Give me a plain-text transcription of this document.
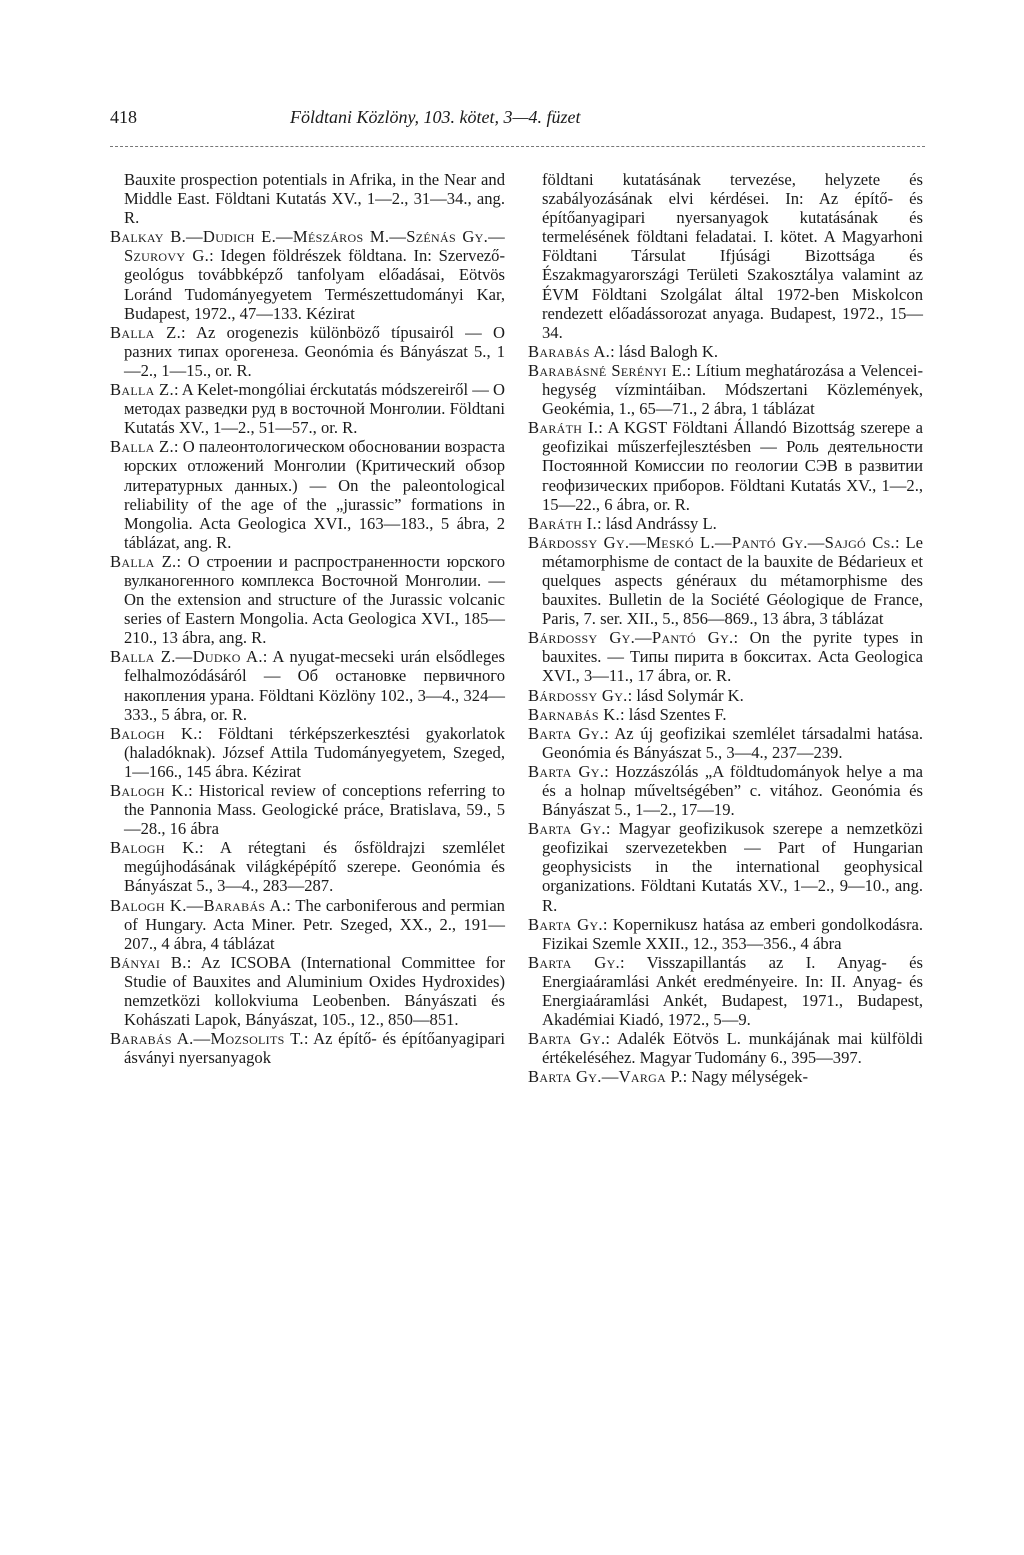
418	Földtani Közlöny, 103. kötet, 3—4. füzet

Bauxite prospection potentials in Afrika, in the Near and Middle East. Földtani Kutatás XV., 1—2., 31—34., ang. R.

Balkay B.—Dudich E.—Mészáros M.—Szénás Gy.—Szurovy G.: Idegen földrészek földtana. In: Szervező-geológus továbbképző tanfolyam előadásai, Eötvös Loránd Tudományegyetem Természettudományi Kar, Budapest, 1972., 47—133. Kézirat

Balla Z.: Az orogenezis különböző típusairól — О разних типах орогенеза. Geonómia és Bányászat 5., 1—2., 1—15., or. R.

Balla Z.: A Kelet-mongóliai érckutatás módszereiről — О методах разведки руд в восточной Монголии. Földtani Kutatás XV., 1—2., 51—57., or. R.

Balla Z.: О палеонтологическом обосновании возраста юрских отложений Монголии (Критический обзор литературных данных.) — On the paleontological reliability of the age of the „jurassic” formations in Mongolia. Acta Geologica XVI., 163—183., 5 ábra, 2 táblázat, ang. R.

Balla Z.: О строении и распространенности юрского вулканогенного комплекса Восточной Монголии. — On the extension and structure of the Jurassic volcanic series of Eastern Mongolia. Acta Geologica XVI., 185—210., 13 ábra, ang. R.

Balla Z.—Dudko A.: A nyugat-mecseki urán elsődleges felhalmozódásáról — Об остановке первичного накопления урана. Földtani Közlöny 102., 3—4., 324—333., 5 ábra, or. R.

Balogh K.: Földtani térképszerkesztési gyakorlatok (haladóknak). József Attila Tudományegyetem, Szeged, 1—166., 145 ábra. Kézirat

Balogh K.: Historical review of conceptions referring to the Pannonia Mass. Geologické práce, Bratislava, 59., 5—28., 16 ábra

Balogh K.: A rétegtani és ősföldrajzi szemlélet megújhodásának világképépítő szerepe. Geonómia és Bányászat 5., 3—4., 283—287.

Balogh K.—Barabás A.: The carboniferous and permian of Hungary. Acta Miner. Petr. Szeged, XX., 2., 191—207., 4 ábra, 4 táblázat

Bányai B.: Az ICSOBA (International Committee for Studie of Bauxites and Aluminium Oxides Hydroxides) nemzetközi kollokviuma Leobenben. Bányászati és Kohászati Lapok, Bányászat, 105., 12., 850—851.

Barabás A.—Mozsolits T.: Az építő- és építőanyagipari ásványi nyersanyagok

földtani kutatásának tervezése, helyzete és szabályozásának elvi kérdései. In: Az építő- és építőanyagipari nyersanyagok kutatásának és termelésének földtani feladatai. I. kötet. A Magyarhoni Földtani Társulat Ifjúsági Bizottsága és Északmagyarországi Területi Szakosztálya valamint az ÉVM Földtani Szolgálat által 1972-ben Miskolcon rendezett előadássorozat anyaga. Budapest, 1972., 15—34.

Barabás A.: lásd Balogh K.

Barabásné Serényi E.: Lítium meghatározása a Velencei-hegység vízmintáiban. Módszertani Közlemények, Geokémia, 1., 65—71., 2 ábra, 1 táblázat

Baráth I.: A KGST Földtani Állandó Bizottság szerepe a geofizikai műszerfejlesztésben — Роль деятельности Постоянной Комиссии по геологии СЭВ в развитии геофизических приборов. Földtani Kutatás XV., 1—2., 15—22., 6 ábra, or. R.

Baráth I.: lásd Andrássy L.

Bárdossy Gy.—Meskó L.—Pantó Gy.—Sajgó Cs.: Le métamorphisme de contact de la bauxite de Bédarieux et quelques aspects généraux du métamorphisme des bauxites. Bulletin de la Société Géologique de France, Paris, 7. ser. XII., 5., 856—869., 13 ábra, 3 táblázat

Bárdossy Gy.—Pantó Gy.: On the pyrite types in bauxites. — Типы пирита в бокситах. Acta Geologica XVI., 3—11., 17 ábra, or. R.

Bárdossy Gy.: lásd Solymár K.

Barnabás K.: lásd Szentes F.

Barta Gy.: Az új geofizikai szemlélet társadalmi hatása. Geonómia és Bányászat 5., 3—4., 237—239.

Barta Gy.: Hozzászólás „A földtudományok helye a ma és a holnap műveltségében” c. vitához. Geonómia és Bányászat 5., 1—2., 17—19.

Barta Gy.: Magyar geofizikusok szerepe a nemzetközi geofizikai szervezetekben — Part of Hungarian geophysicists in the international geophysical organizations. Földtani Kutatás XV., 1—2., 9—10., ang. R.

Barta Gy.: Kopernikusz hatása az emberi gondolkodásra. Fizikai Szemle XXII., 12., 353—356., 4 ábra

Barta Gy.: Visszapillantás az I. Anyag- és Energiaáramlási Ankét eredményeire. In: II. Anyag- és Energiaáramlási Ankét, Budapest, 1971., Budapest, Akadémiai Kiadó, 1972., 5—9.

Barta Gy.: Adalék Eötvös L. munkájának mai külföldi értékeléséhez. Magyar Tudomány 6., 395—397.

Barta Gy.—Varga P.: Nagy mélységek-
